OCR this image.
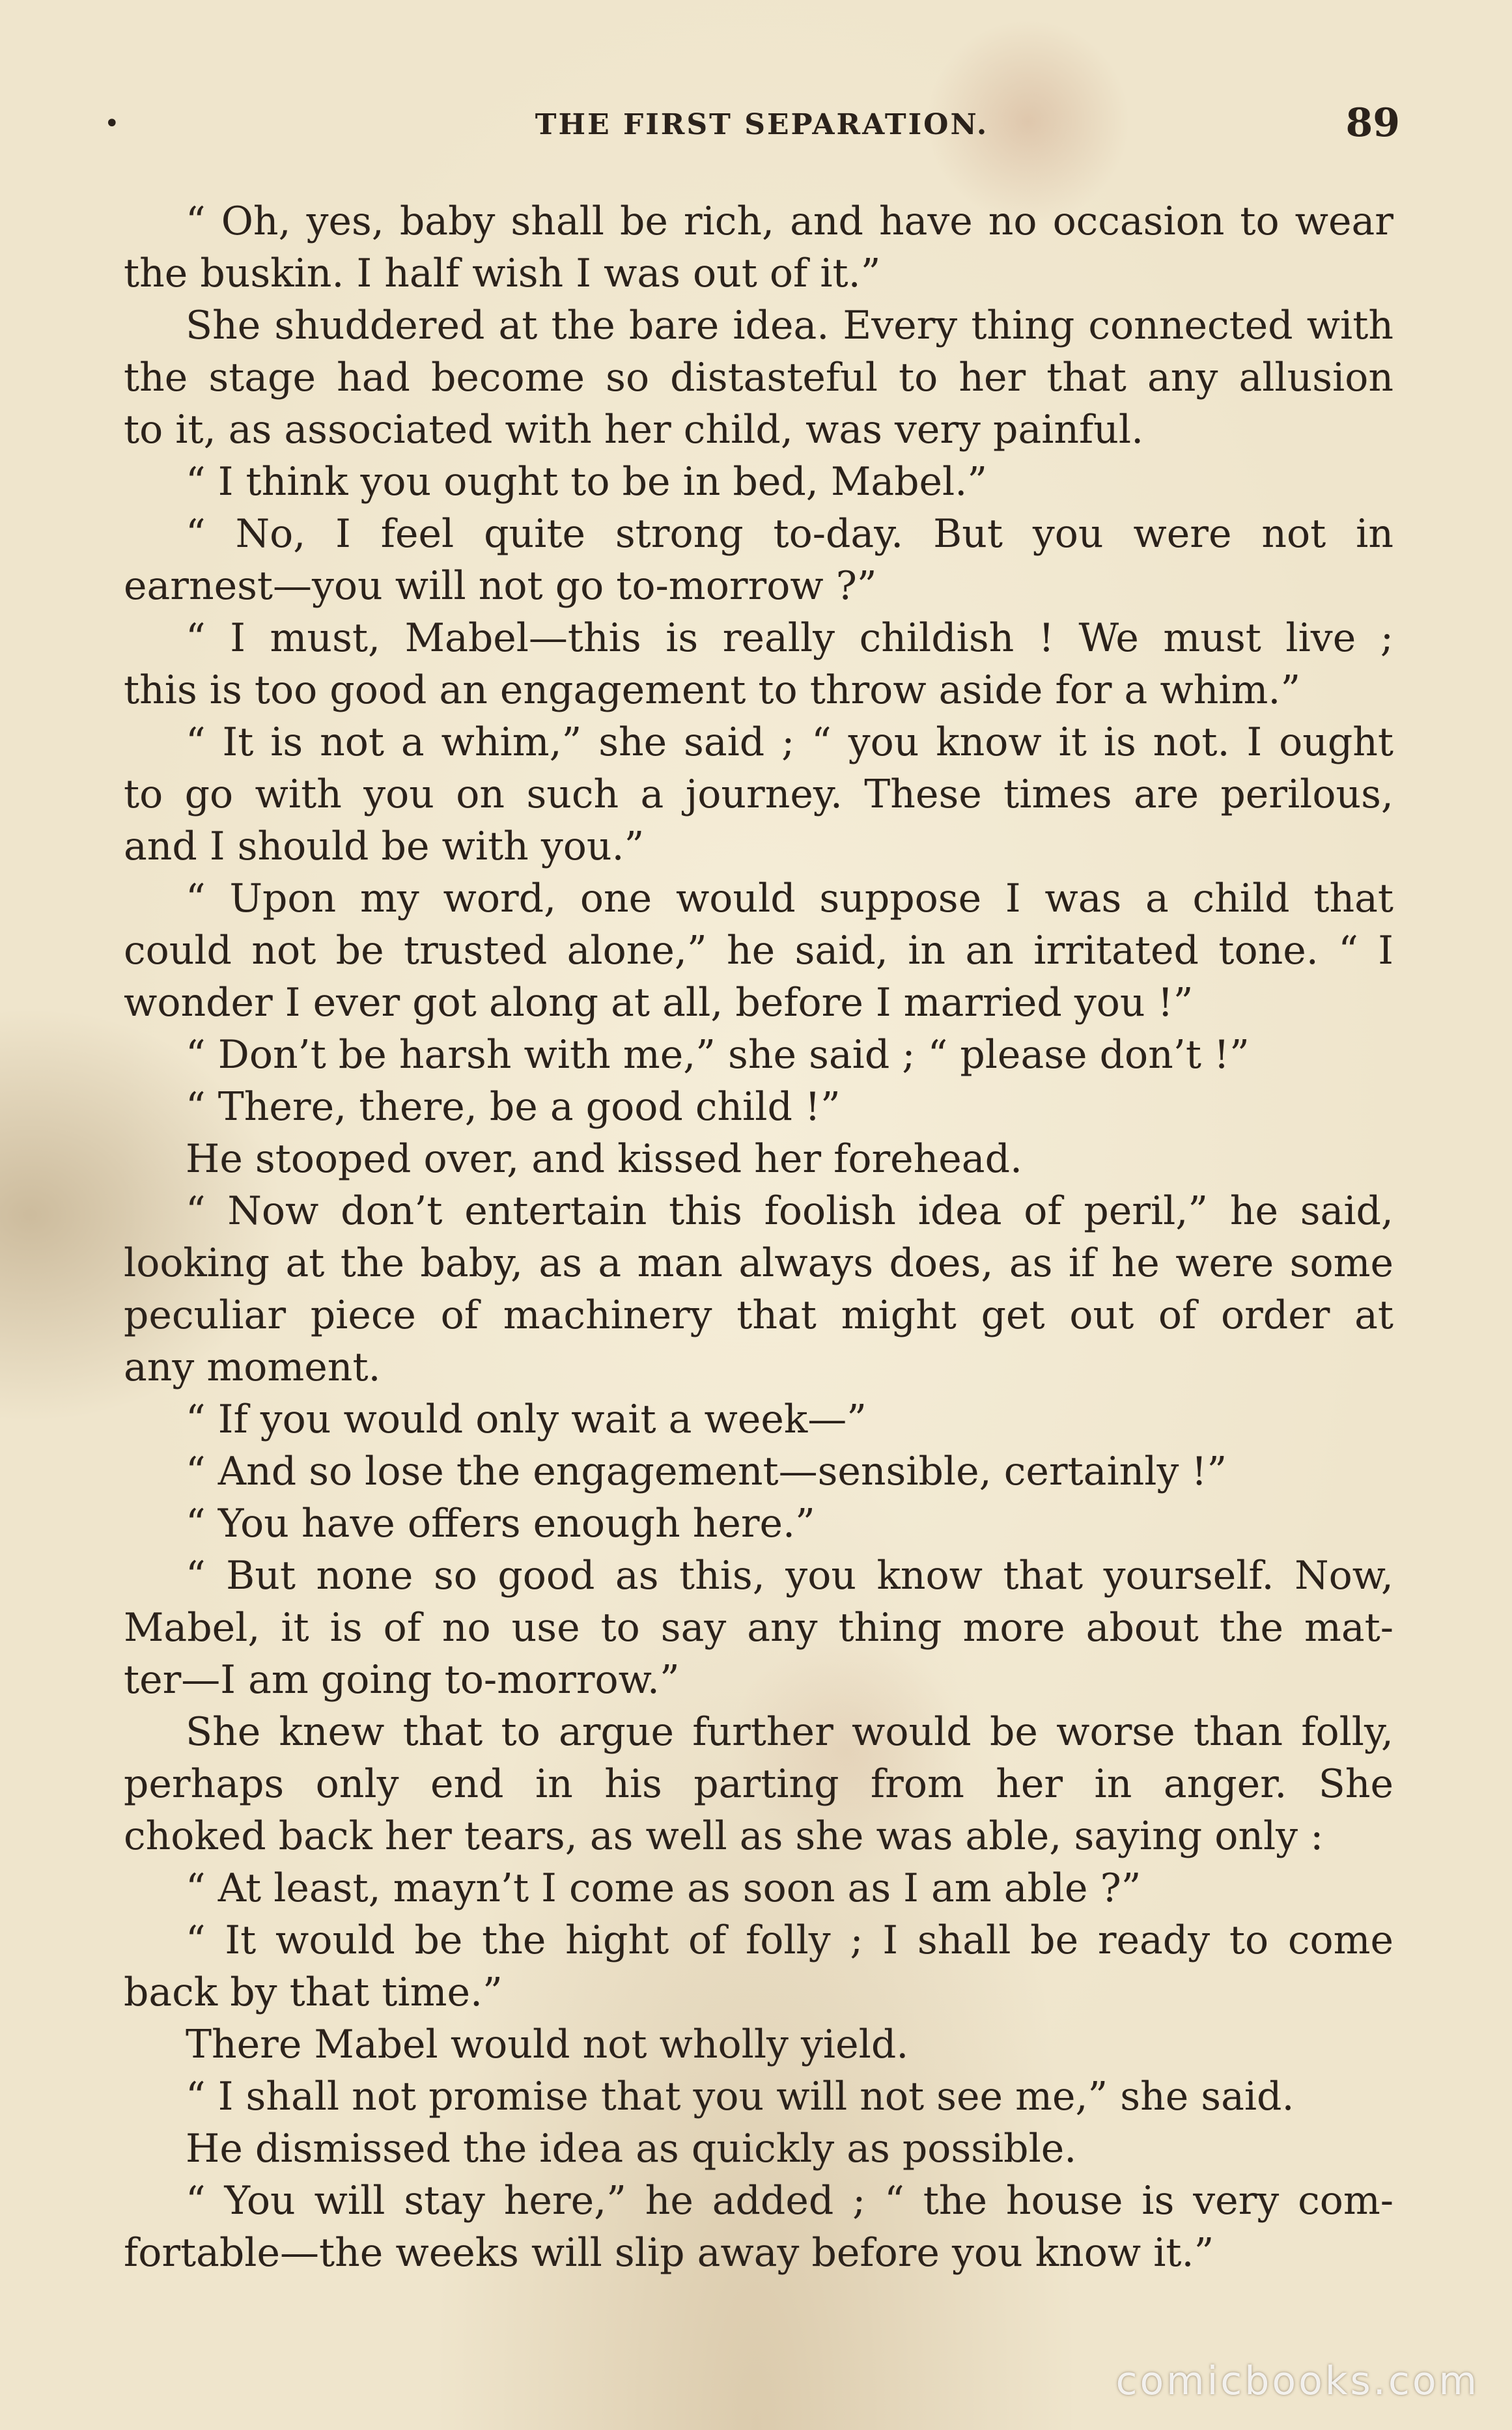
•	THE FIRST SEPARATION.	89
“ Oh, yes, baby shall be rich, and have no occasion to wear
the buskin. I half wish I was out of it.”
She shuddered at the bare idea. Every thing connected with
the stage had become so distasteful to her that any allusion
to it, as associated with her child, was very painful.
“ I think you ought to be in bed, Mabel.”
“ No, I feel quite strong to-day. But you were not in
earnest—you will not go to-morrow ?”
“ I must, Mabel—this is really childish ! We must live ;
this is too good an engagement to throw aside for a whim.”
“ It is not a whim,” she said ; “ you know it is not. I ought
to go with you on such a journey. These times are perilous,
and I should be with you.”
“ Upon my word, one would suppose I was a child that
could not be trusted alone,” he said, in an irritated tone. “ I
wonder I ever got along at all, before I married you !”
“ Don’t be harsh with me,” she said ; “ please don’t !”
“ There, there, be a good child !”
He stooped over, and kissed her forehead.
“ Now don’t entertain this foolish idea of peril,” he said,
looking at the baby, as a man always does, as if he were some
peculiar piece of machinery that might get out of order at
any moment.
“ If you would only wait a week—”
“ And so lose the engagement—sensible, certainly !”
“ You have offers enough here.”
“ But none so good as this, you know that yourself. Now,
Mabel, it is of no use to say any thing more about the mat-
ter—I am going to-morrow.”
She knew that to argue further would be worse than folly,
perhaps only end in his parting from her in anger. She
choked back her tears, as well as she was able, saying only :
“ At least, mayn’t I come as soon as I am able ?”
“ It would be the hight of folly ; I shall be ready to come
back by that time.”
There Mabel would not wholly yield.
“ I shall not promise that you will not see me,” she said.
He dismissed the idea as quickly as possible.
“ You will stay here,” he added ; “ the house is very com-
fortable—the weeks will slip away before you know it.”
comicbooks.com
